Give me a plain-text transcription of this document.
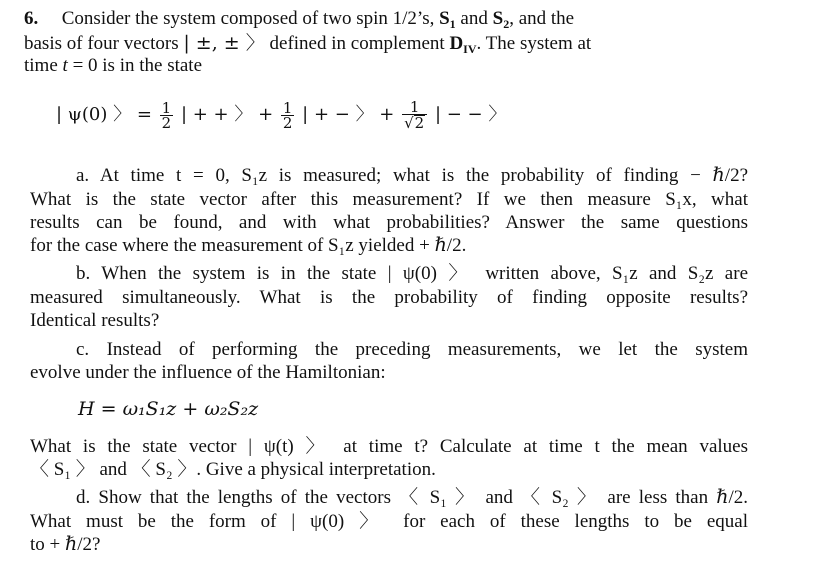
6. Consider the system composed of two spin 1/2’s, $S_1$ and $S_2$, and the
basis of four vectors | ±, ± 〉 defined in complement $D_{IV}$. The system at
time t = 0 is in the state
| ψ(0) 〉 = $\frac{1}{2}$ | + + 〉 + $\frac{1}{2}$ | + − 〉 + $\frac{1}{√2}$ | − − 〉
a. At time t = 0, S₁z is measured; what is the probability of finding − ℏ/2?
What is the state vector after this measurement? If we then measure S₁x, what
results can be found, and with what probabilities? Answer the same questions
for the case where the measurement of S₁z yielded + ℏ/2.
b. When the system is in the state | ψ(0) 〉 written above, S₁z and S₂z are
measured simultaneously. What is the probability of finding opposite results?
Identical results?
c. Instead of performing the preceding measurements, we let the system
evolve under the influence of the Hamiltonian:
H = ω₁S₁z + ω₂S₂z
What is the state vector | ψ(t) 〉 at time t? Calculate at time t the mean values
〈 S₁ 〉 and 〈 S₂ 〉. Give a physical interpretation.
d. Show that the lengths of the vectors 〈 S₁ 〉 and 〈 S₂ 〉 are less than ℏ/2.
What must be the form of | ψ(0) 〉 for each of these lengths to be equal
to + ℏ/2?
